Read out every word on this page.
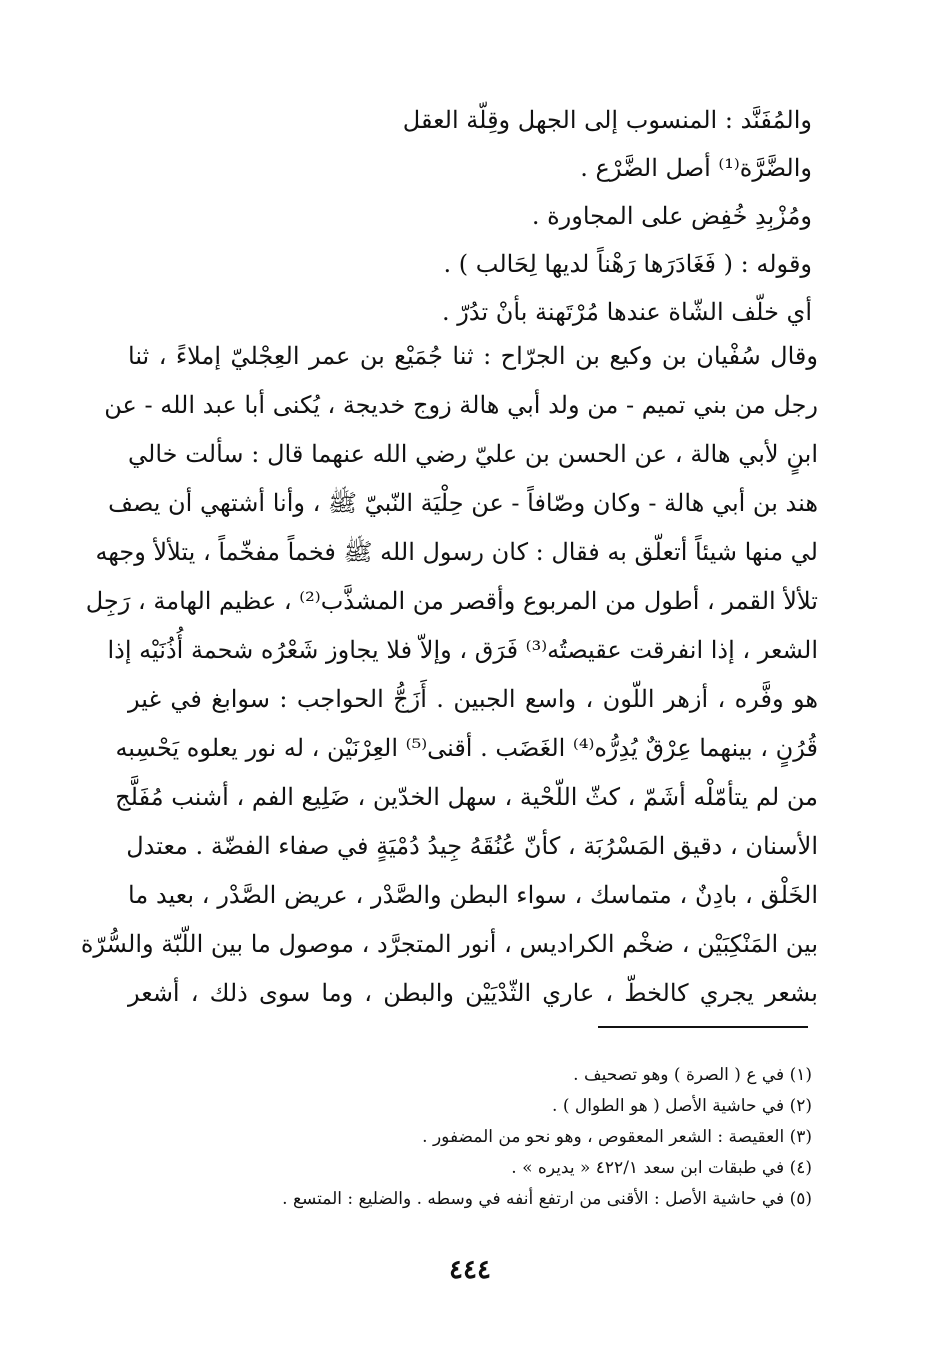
والمُفَنَّد : المنسوب إلى الجهل وقِلّة العقل
والضَّرَّة⁽¹⁾ أصل الضَّرْع .
ومُزْبِدِ خُفِض على المجاورة .
وقوله : ( فَغَادَرَها رَهْناً لديها لِحَالب ) .
أي خلّف الشّاة عندها مُرْتَهنة بأنْ تدُرّ .
وقال سُفْيان بن وكيع بن الجرّاح : ثنا جُمَيْع بن عمر العِجْليّ إملاءً ، ثنا
رجل من بني تميم - من ولد أبي هالة زوج خديجة ، يُكنى أبا عبد الله - عن
ابنٍ لأبي هالة ، عن الحسن بن عليّ رضي الله عنهما قال : سألت خالي
هند بن أبي هالة - وكان وصّافاً - عن حِلْيَة النّبيّ ﷺ ، وأنا أشتهي أن يصف
لي منها شيئاً أتعلّق به فقال : كان رسول الله ﷺ فخماً مفخّماً ، يتلألأ وجهه
تلألأ القمر ، أطول من المربوع وأقصر من المشذَّب⁽²⁾ ، عظيم الهامة ، رَجِل
الشعر ، إذا انفرقت عقيصتُه⁽³⁾ فَرَق ، وإلاّ فلا يجاوز شَعْرُه شحمة أُذُنَيْه إذا
هو وفَّره ، أزهر اللّون ، واسع الجبين . أَزَجُّ الحواجب : سوابغ في غير
قُرُنٍ ، بينهما عِرْقٌ يُدِرُّه⁽⁴⁾ الغَضَب . أقنى⁽⁵⁾ العِرْنَيْن ، له نور يعلوه يَحْسِبه
من لم يتأمّلْه أشَمّ ، كثّ اللّحْية ، سهل الخدّين ، ضَلِيع الفم ، أشنب مُفَلَّج
الأسنان ، دقيق المَسْرُبَة ، كأنّ عُنُقَهُ جِيدُ دُمْيَةٍ في صفاء الفضّة . معتدل
الخَلْق ، بادِنٌ ، متماسك ، سواء البطن والصَّدْر ، عريض الصَّدْر ، بعيد ما
بين المَنْكِبَيْن ، ضخْم الكراديس ، أنور المتجرَّد ، موصول ما بين اللّبّة والسُّرّة
بشعر يجري كالخطّ ، عاري الثّدْيَيْن والبطن ، وما سوى ذلك ، أشعر
(١) في ع ( الصرة ) وهو تصحيف .
(٢) في حاشية الأصل ( هو الطوال ) .
(٣) العقيصة : الشعر المعقوص ، وهو نحو من المضفور .
(٤) في طبقات ابن سعد ٤٢٢/١ « يديره » .
(٥) في حاشية الأصل : الأقنى من ارتفع أنفه في وسطه . والضليع : المتسع .
٤٤٤
